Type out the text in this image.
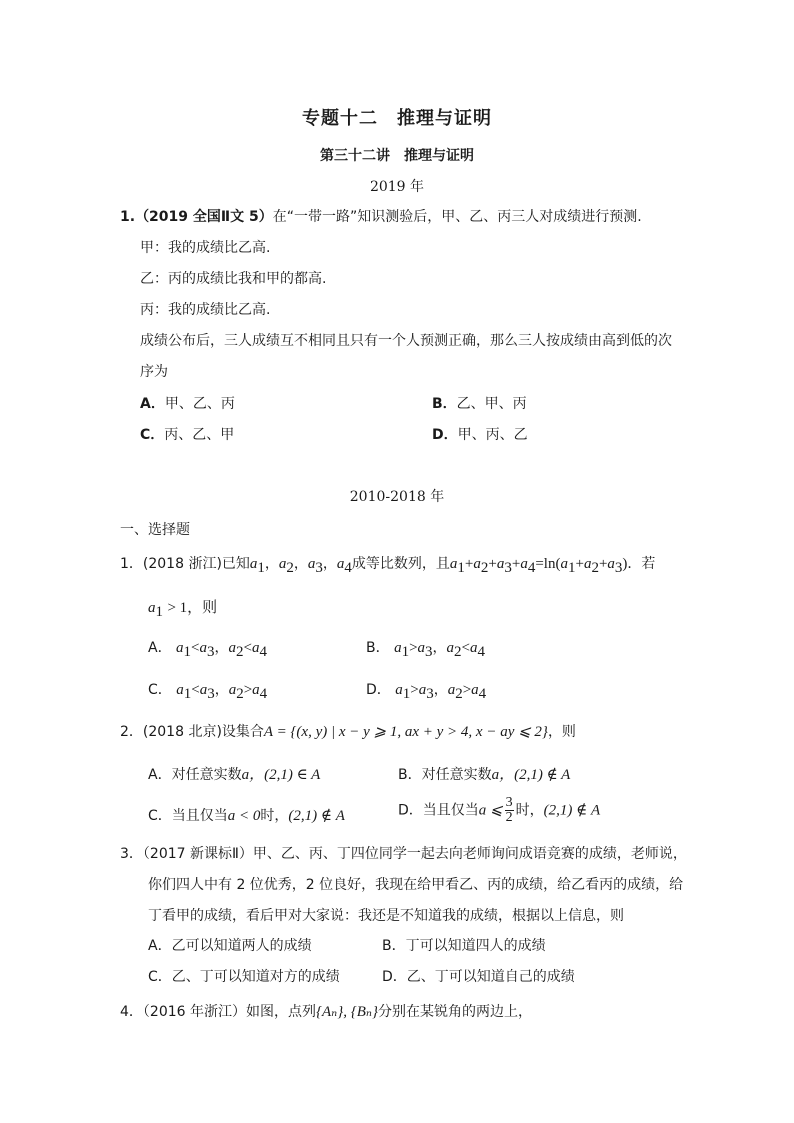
专题十二　推理与证明
第三十二讲　推理与证明
2019 年
1.（2019 全国Ⅱ文 5）在“一带一路”知识测验后，甲、乙、丙三人对成绩进行预测.
甲：我的成绩比乙高.
乙：丙的成绩比我和甲的都高.
丙：我的成绩比乙高.
成绩公布后，三人成绩互不相同且只有一个人预测正确，那么三人按成绩由高到低的次
序为
A．甲、乙、丙	B．乙、甲、丙
C．丙、乙、甲	D．甲、丙、乙
2010-2018 年
一、选择题
1．(2018 浙江)已知$a_1$，$a_2$，$a_3$，$a_4$成等比数列，且$a_1+a_2+a_3+a_4=\ln(a_1+a_2+a_3)$．若
$a_1 > 1$，则
A． $a_1<a_3$，$a_2<a_4$	B． $a_1>a_3$，$a_2<a_4$
C． $a_1<a_3$，$a_2>a_4$	D． $a_1>a_3$，$a_2>a_4$
2．(2018 北京)设集合A = {(x, y) | x − y ⩾ 1, ax + y > 4, x − ay ⩽ 2}，则
A．对任意实数a，(2,1) ∈ A	B．对任意实数a，(2,1) ∉ A
C．当且仅当a < 0时，(2,1) ∉ A	D．当且仅当a ⩽ $\frac{3}{2}$ 时，(2,1) ∉ A
3．（2017 新课标Ⅱ）甲、乙、丙、丁四位同学一起去向老师询问成语竞赛的成绩，老师说，
你们四人中有 2 位优秀，2 位良好，我现在给甲看乙、丙的成绩，给乙看丙的成绩，给
丁看甲的成绩，看后甲对大家说：我还是不知道我的成绩，根据以上信息，则
A．乙可以知道两人的成绩	B．丁可以知道四人的成绩
C．乙、丁可以知道对方的成绩	D．乙、丁可以知道自己的成绩
4．（2016 年浙江）如图，点列{Aₙ}, {Bₙ}分别在某锐角的两边上，
